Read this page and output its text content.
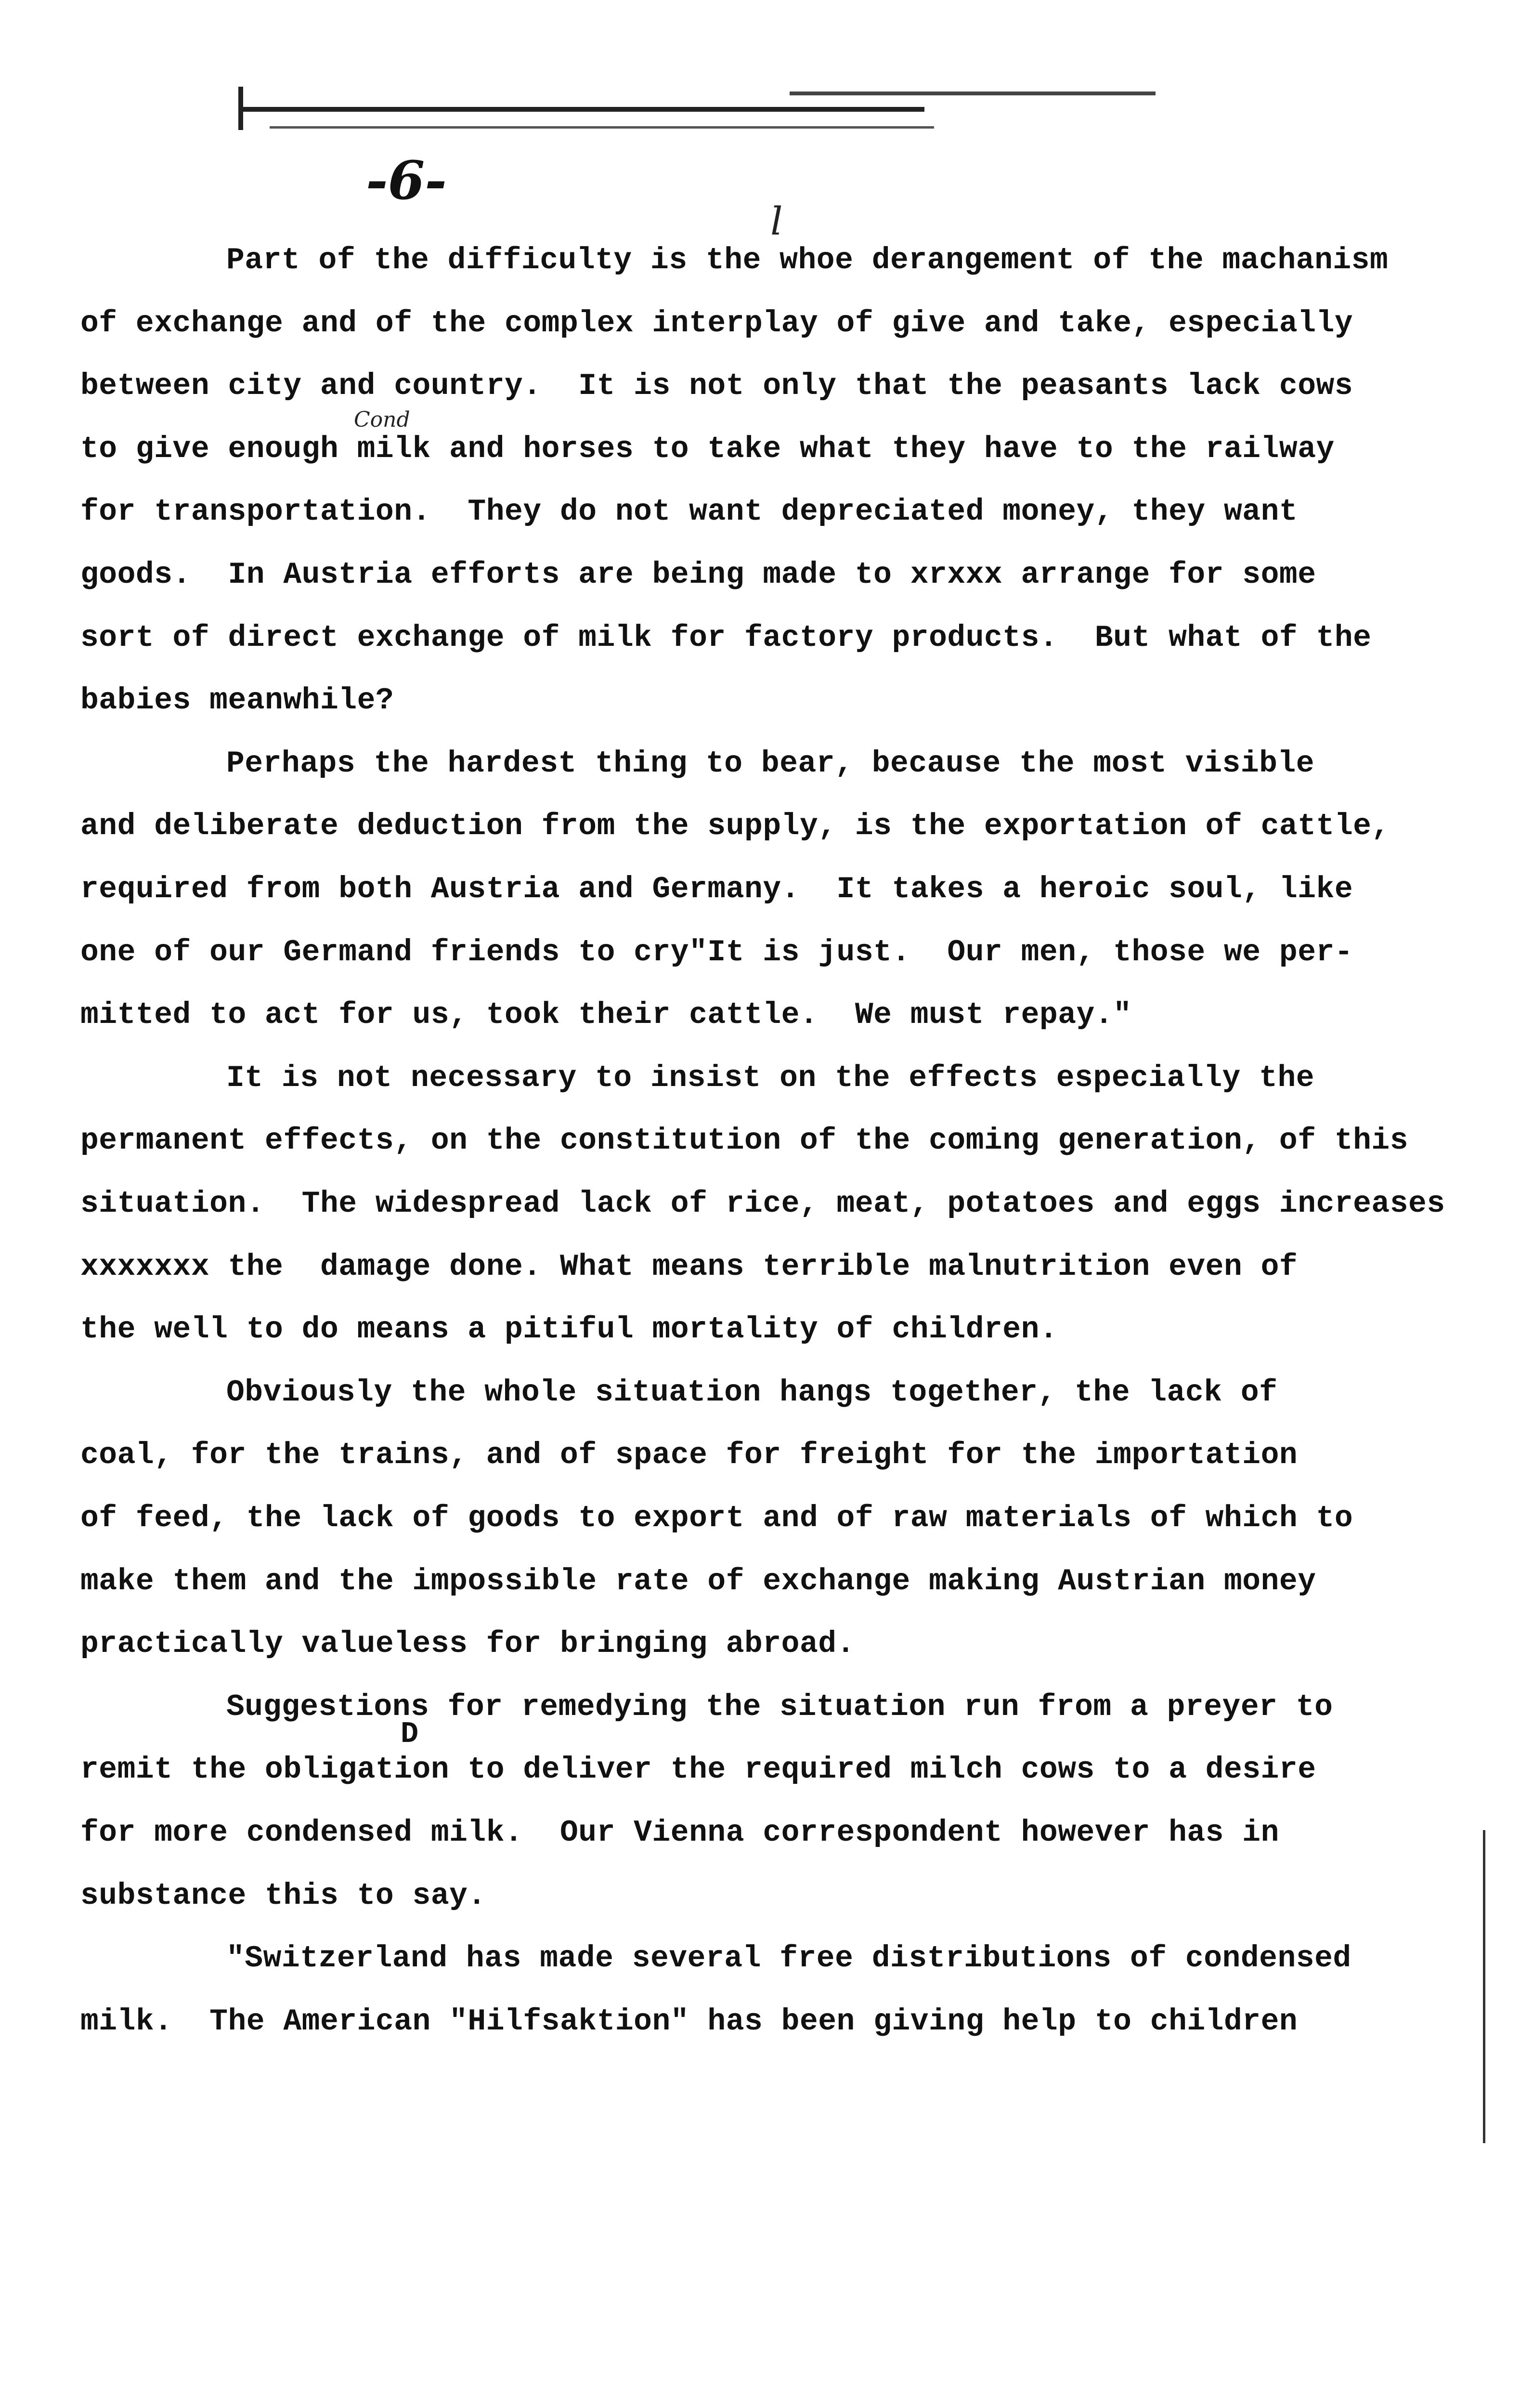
-6-
Part of the difficulty is the whoe derangement of the machanism
of exchange and of the complex interplay of give and take, especially
between city and country.  It is not only that the peasants lack cows
to give enough milk and horses to take what they have to the railway
for transportation.  They do not want depreciated money, they want
goods.  In Austria efforts are being made to xrxxx arrange for some
sort of direct exchange of milk for factory products.  But what of the
babies meanwhile?
Perhaps the hardest thing to bear, because the most visible
and deliberate deduction from the supply, is the exportation of cattle,
required from both Austria and Germany.  It takes a heroic soul, like
one of our Germand friends to cry"It is just.  Our men, those we per-
mitted to act for us, took their cattle.  We must repay."
It is not necessary to insist on the effects especially the
permanent effects, on the constitution of the coming generation, of this
situation.  The widespread lack of rice, meat, potatoes and eggs increases
xxxxxxx the  damage done. What means terrible malnutrition even of
the well to do means a pitiful mortality of children.
Obviously the whole situation hangs together, the lack of
coal, for the trains, and of space for freight for the importation
of feed, the lack of goods to export and of raw materials of which to
make them and the impossible rate of exchange making Austrian money
practically valueless for bringing abroad.
Suggestions for remedying the situation run from a preyer to
remit the obligation to deliver the required milch cows to a desire
for more condensed milk.  Our Vienna correspondent however has in
substance this to say.
"Switzerland has made several free distributions of condensed
milk.  The American "Hilfsaktion" has been giving help to children
l
Cond
D
